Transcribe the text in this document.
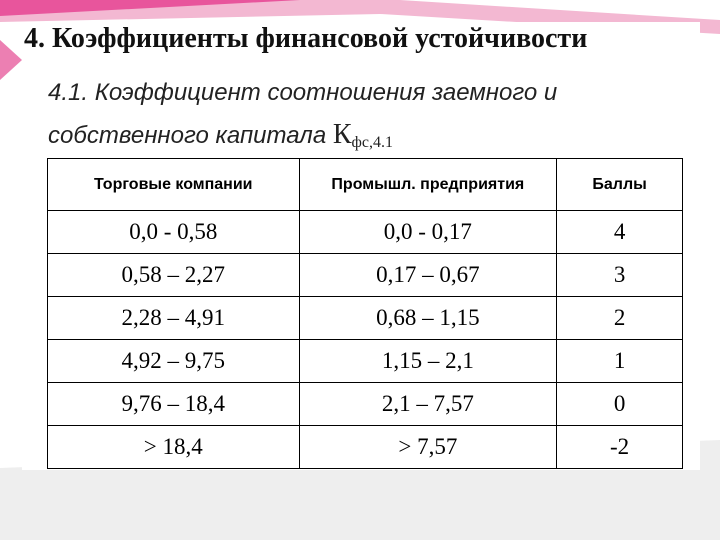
4. Коэффициенты финансовой устойчивости
4.1. Коэффициент соотношения заемного и
собственного капитала $К_{фс,4.1}$
Торговые компании	Промышл. предприятия	Баллы
0,0 - 0,58	0,0 - 0,17	4
0,58 – 2,27	0,17 – 0,67	3
2,28 – 4,91	0,68 – 1,15	2
4,92 – 9,75	1,15 – 2,1	1
9,76 – 18,4	2,1 – 7,57	0
> 18,4	> 7,57	-2
